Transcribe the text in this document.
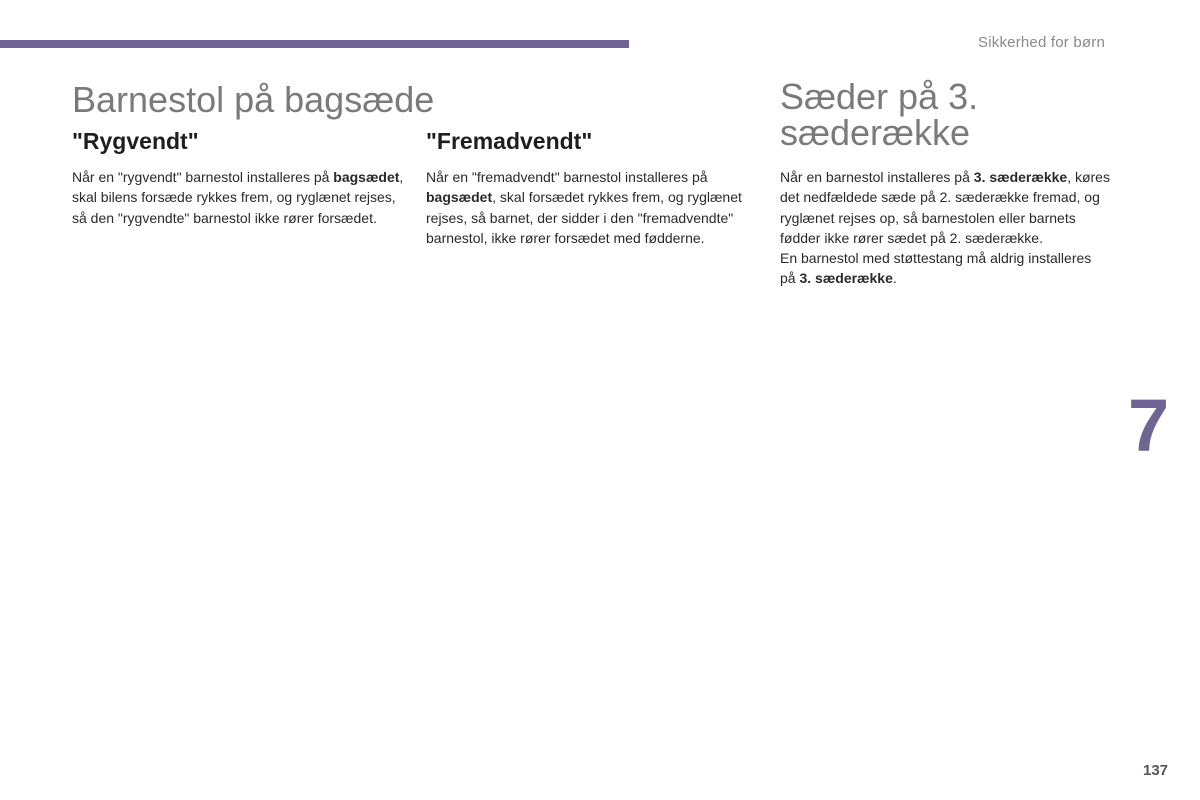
Sikkerhed for børn
Barnestol på bagsæde
"Rygvendt"

Når en "rygvendt" barnestol installeres på bagsædet, skal bilens forsæde rykkes frem, og ryglænet rejses, så den "rygvendte" barnestol ikke rører forsædet.

"Fremadvendt"

Når en "fremadvendt" barnestol installeres på bagsædet, skal forsædet rykkes frem, og ryglænet rejses, så barnet, der sidder i den "fremadvendte" barnestol, ikke rører forsædet med fødderne.

Sæder på 3. sæderække

Når en barnestol installeres på 3. sæderække, køres det nedfældede sæde på 2. sæderække fremad, og ryglænet rejses op, så barnestolen eller barnets fødder ikke rører sædet på 2. sæderække.

En barnestol med støttestang må aldrig installeres på 3. sæderække.

7
137
